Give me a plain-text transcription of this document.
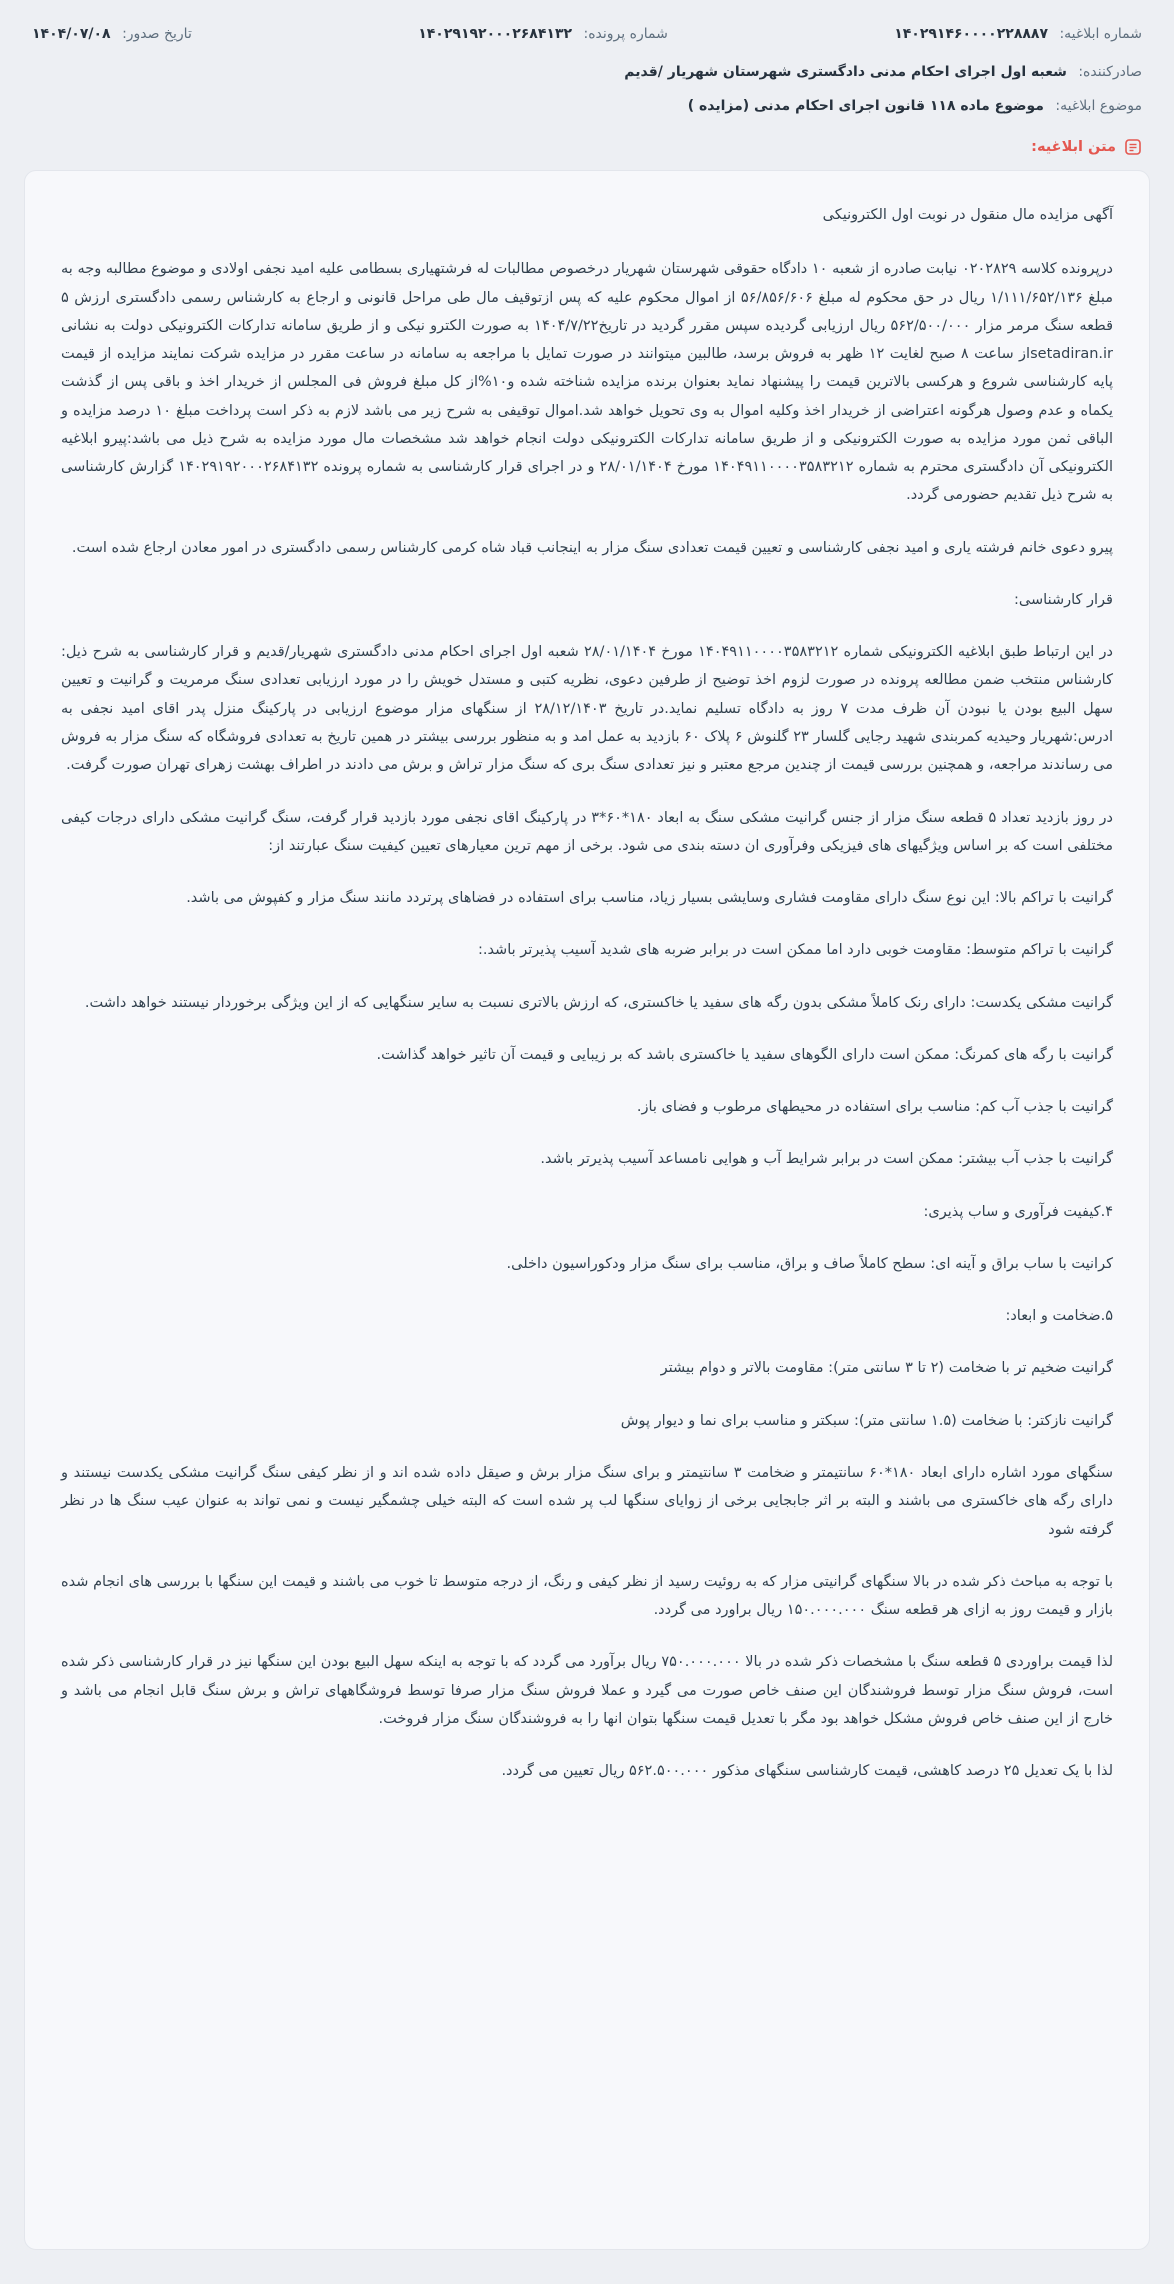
شماره ابلاغیه: ۱۴۰۲۹۱۴۶۰۰۰۰۲۲۸۸۸۷
شماره پرونده: ۱۴۰۲۹۱۹۲۰۰۰۲۶۸۴۱۳۲
تاریخ صدور: ۱۴۰۴/۰۷/۰۸
صادرکننده: شعبه اول اجرای احکام مدنی دادگستری شهرستان شهریار /قدیم
موضوع ابلاغیه: موضوع ماده ۱۱۸ قانون اجرای احکام مدنی (مزایده )
متن ابلاغیه:

آگهی مزایده مال منقول در نوبت اول الکترونیکی

درپرونده کلاسه ۰۲۰۲۸۲۹ نیابت صادره از شعبه ۱۰ دادگاه حقوقی شهرستان شهریار درخصوص مطالبات له فرشتهیاری بسطامی علیه امید نجفی اولادی و موضوع مطالبه وجه به مبلغ ۱/۱۱۱/۶۵۲/۱۳۶ ریال در حق محکوم له مبلغ ۵۶/۸۵۶/۶۰۶ از اموال محکوم علیه که پس ازتوقیف مال طی مراحل قانونی و ارجاع به کارشناس رسمی دادگستری ارزش ۵ قطعه سنگ مرمر مزار ۵۶۲/۵۰۰/۰۰۰ ریال ارزیابی گردیده سپس مقرر گردید در تاریخ۱۴۰۴/۷/۲۲ به صورت الکترو نیکی و از طریق سامانه تدارکات الکترونیکی دولت به نشانی setadiran.irاز ساعت ۸ صبح لغایت ۱۲ ظهر به فروش برسد، طالبین میتوانند در صورت تمایل با مراجعه به سامانه در ساعت مقرر در مزایده شرکت نمایند مزایده از قیمت پایه کارشناسی شروع و هرکسی بالاترین قیمت را پیشنهاد نماید بعنوان برنده مزایده شناخته شده و۱۰%از کل مبلغ فروش فی المجلس از خریدار اخذ و باقی پس از گذشت یکماه و عدم وصول هرگونه اعتراضی از خریدار اخذ وکلیه اموال به وی تحویل خواهد شد.اموال توقیفی به شرح زیر می باشد لازم به ذکر است پرداخت مبلغ ۱۰ درصد مزایده و الباقی ثمن مورد مزایده به صورت الکترونیکی و از طریق سامانه تدارکات الکترونیکی دولت انجام خواهد شد مشخصات مال مورد مزایده به شرح ذیل می باشد:پیرو ابلاغیه الکترونیکی آن دادگستری محترم به شماره ۱۴۰۴۹۱۱۰۰۰۰۳۵۸۳۲۱۲ مورخ ۲۸/۰۱/۱۴۰۴ و در اجرای قرار کارشناسی به شماره پرونده ۱۴۰۲۹۱۹۲۰۰۰۲۶۸۴۱۳۲ گزارش کارشناسی به شرح ذیل تقدیم حضورمی گردد.

پیرو دعوی خانم فرشته یاری و امید نجفی کارشناسی و تعیین قیمت تعدادی سنگ مزار به اینجانب قباد شاه کرمی کارشناس رسمی دادگستری در امور معادن ارجاع شده است.

قرار کارشناسی:

در این ارتباط طبق ابلاغیه الکترونیکی شماره ۱۴۰۴۹۱۱۰۰۰۰۳۵۸۳۲۱۲ مورخ ۲۸/۰۱/۱۴۰۴ شعبه اول اجرای احکام مدنی دادگستری شهریار/قدیم و قرار کارشناسی به شرح ذیل: کارشناس منتخب ضمن مطالعه پرونده در صورت لزوم اخذ توضیح از طرفین دعوی، نظریه کتبی و مستدل خویش را در مورد ارزیابی تعدادی سنگ مرمریت و گرانیت و تعیین سهل البیع بودن یا نبودن آن ظرف مدت ۷ روز به دادگاه تسلیم نماید.در تاریخ ۲۸/۱۲/۱۴۰۳ از سنگهای مزار موضوع ارزیابی در پارکینگ منزل پدر اقای امید نجفی به ادرس:شهریار وحیدیه کمربندی شهید رجایی گلسار ۲۳ گلنوش ۶ پلاک ۶۰ بازدید به عمل امد و به منظور بررسی بیشتر در همین تاریخ به تعدادی فروشگاه که سنگ مزار به فروش می رساندند مراجعه، و همچنین بررسی قیمت از چندین مرجع معتبر و نیز تعدادی سنگ بری که سنگ مزار تراش و برش می دادند در اطراف بهشت زهرای تهران صورت گرفت.

در روز بازدید تعداد ۵ قطعه سنگ مزار از جنس گرانیت مشکی سنگ به ابعاد ۱۸۰*۶۰*۳ در پارکینگ اقای نجفی مورد بازدید قرار گرفت، سنگ گرانیت مشکی دارای درجات کیفی مختلفی است که بر اساس ویژگیهای های فیزیکی وفرآوری ان دسته بندی می شود. برخی از مهم ترین معیارهای تعیین کیفیت سنگ عبارتند از:

گرانیت با تراکم بالا: این نوع سنگ دارای مقاومت فشاری وسایشی بسیار زیاد، مناسب برای استفاده در فضاهای پرتردد مانند سنگ مزار و کفپوش می باشد.

گرانیت با تراکم متوسط: مقاومت خوبی دارد اما ممکن است در برابر ضربه های شدید آسیب پذیرتر باشد.:

گرانیت مشکی یکدست: دارای رنک کاملاً مشکی بدون رگه های سفید یا خاکستری، که ارزش بالاتری نسبت به سایر سنگهایی که از این ویژگی برخوردار نیستند خواهد داشت.

گرانیت با رگه های کمرنگ: ممکن است دارای الگوهای سفید یا خاکستری باشد که بر زیبایی و قیمت آن تاثیر خواهد گذاشت.

گرانیت با جذب آب کم: مناسب برای استفاده در محیطهای مرطوب و فضای باز.

گرانیت با جذب آب بیشتر: ممکن است در برابر شرایط آب و هوایی نامساعد آسیب پذیرتر باشد.

۴.کیفیت فرآوری و ساب پذیری:

کرانیت با ساب براق و آینه ای: سطح کاملاً صاف و براق، مناسب برای سنگ مزار ودکوراسیون داخلی.

۵.ضخامت و ابعاد:

گرانیت ضخیم تر با ضخامت (۲ تا ۳ سانتی متر): مقاومت بالاتر و دوام بیشتر

گرانیت نازکتر: با ضخامت (۱.۵ سانتی متر): سبکتر و مناسب برای نما و دیوار پوش

سنگهای مورد اشاره دارای ابعاد ۱۸۰*۶۰ سانتیمتر و ضخامت ۳ سانتیمتر و برای سنگ مزار برش و صیقل داده شده اند و از نظر کیفی سنگ گرانیت مشکی یکدست نیستند و دارای رگه های خاکستری می باشند و البته بر اثر جابجایی برخی از زوایای سنگها لب پر شده است که البته خیلی چشمگیر نیست و نمی تواند به عنوان عیب سنگ ها در نظر گرفته شود

با توجه به مباحث ذکر شده در بالا سنگهای گرانیتی مزار که به روئیت رسید از نظر کیفی و رنگ، از درجه متوسط تا خوب می باشند و قیمت این سنگها با بررسی های انجام شده بازار و قیمت روز به ازای هر قطعه سنگ ۱۵۰.۰۰۰.۰۰۰ ریال براورد می گردد.

لذا قیمت براوردی ۵ قطعه سنگ با مشخصات ذکر شده در بالا ۷۵۰.۰۰۰.۰۰۰ ریال برآورد می گردد که با توجه به اینکه سهل البیع بودن این سنگها نیز در قرار کارشناسی ذکر شده است، فروش سنگ مزار توسط فروشندگان این صنف خاص صورت می گیرد و عملا فروش سنگ مزار صرفا توسط فروشگاههای تراش و برش سنگ قابل انجام می باشد و خارج از این صنف خاص فروش مشکل خواهد بود مگر با تعدیل قیمت سنگها بتوان انها را به فروشندگان سنگ مزار فروخت.

لذا با یک تعدیل ۲۵ درصد کاهشی، قیمت کارشناسی سنگهای مذکور ۵۶۲.۵۰۰.۰۰۰ ریال تعیین می گردد.
